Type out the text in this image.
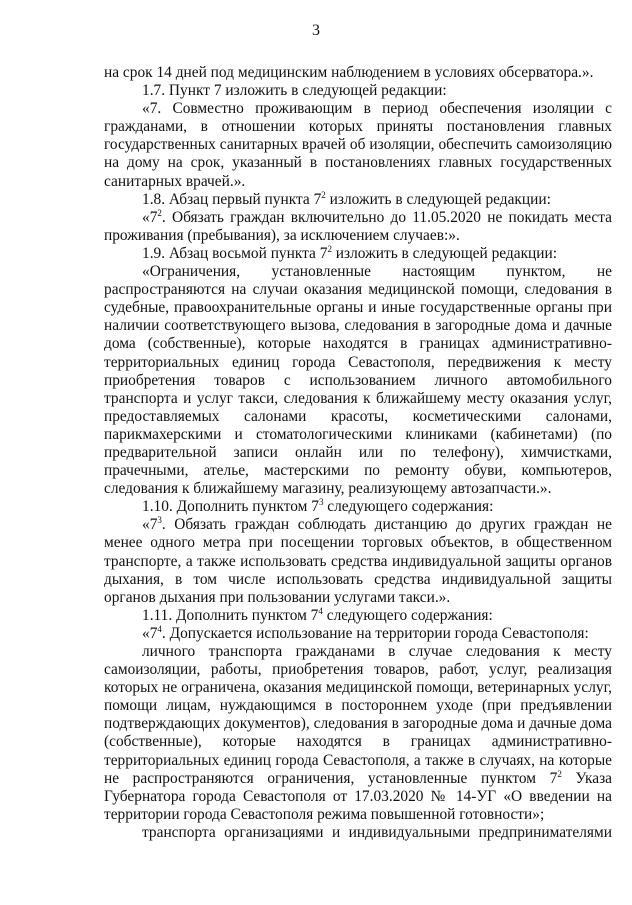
3

на срок 14 дней под медицинским наблюдением в условиях обсерватора.».

1.7. Пункт 7 изложить в следующей редакции:

«7. Совместно проживающим в период обеспечения изоляции с гражданами, в отношении которых приняты постановления главных государственных санитарных врачей об изоляции, обеспечить самоизоляцию на дому на срок, указанный в постановлениях главных государственных санитарных врачей.».

1.8. Абзац первый пункта $7^2$ изложить в следующей редакции:

«$7^2$. Обязать граждан включительно до 11.05.2020 не покидать места проживания (пребывания), за исключением случаев:».

1.9. Абзац восьмой пункта $7^2$ изложить в следующей редакции:

«Ограничения, установленные настоящим пунктом, не распространяются на случаи оказания медицинской помощи, следования в судебные, правоохранительные органы и иные государственные органы при наличии соответствующего вызова, следования в загородные дома и дачные дома (собственные), которые находятся в границах административно-территориальных единиц города Севастополя, передвижения к месту приобретения товаров с использованием личного автомобильного транспорта и услуг такси, следования к ближайшему месту оказания услуг, предоставляемых салонами красоты, косметическими салонами, парикмахерскими и стоматологическими клиниками (кабинетами) (по предварительной записи онлайн или по телефону), химчистками, прачечными, ателье, мастерскими по ремонту обуви, компьютеров, следования к ближайшему магазину, реализующему автозапчасти.».

1.10. Дополнить пунктом $7^3$ следующего содержания:

«$7^3$. Обязать граждан соблюдать дистанцию до других граждан не менее одного метра при посещении торговых объектов, в общественном транспорте, а также использовать средства индивидуальной защиты органов дыхания, в том числе использовать средства индивидуальной защиты органов дыхания при пользовании услугами такси.».

1.11. Дополнить пунктом $7^4$ следующего содержания:

«$7^4$. Допускается использование на территории города Севастополя:

личного транспорта гражданами в случае следования к месту самоизоляции, работы, приобретения товаров, работ, услуг, реализация которых не ограничена, оказания медицинской помощи, ветеринарных услуг, помощи лицам, нуждающимся в постороннем уходе (при предъявлении подтверждающих документов), следования в загородные дома и дачные дома (собственные), которые находятся в границах административно-территориальных единиц города Севастополя, а также в случаях, на которые не распространяются ограничения, установленные пунктом $7^2$ Указа Губернатора города Севастополя от 17.03.2020 № 14-УГ «О введении на территории города Севастополя режима повышенной готовности»;

транспорта организациями и индивидуальными предпринимателями
